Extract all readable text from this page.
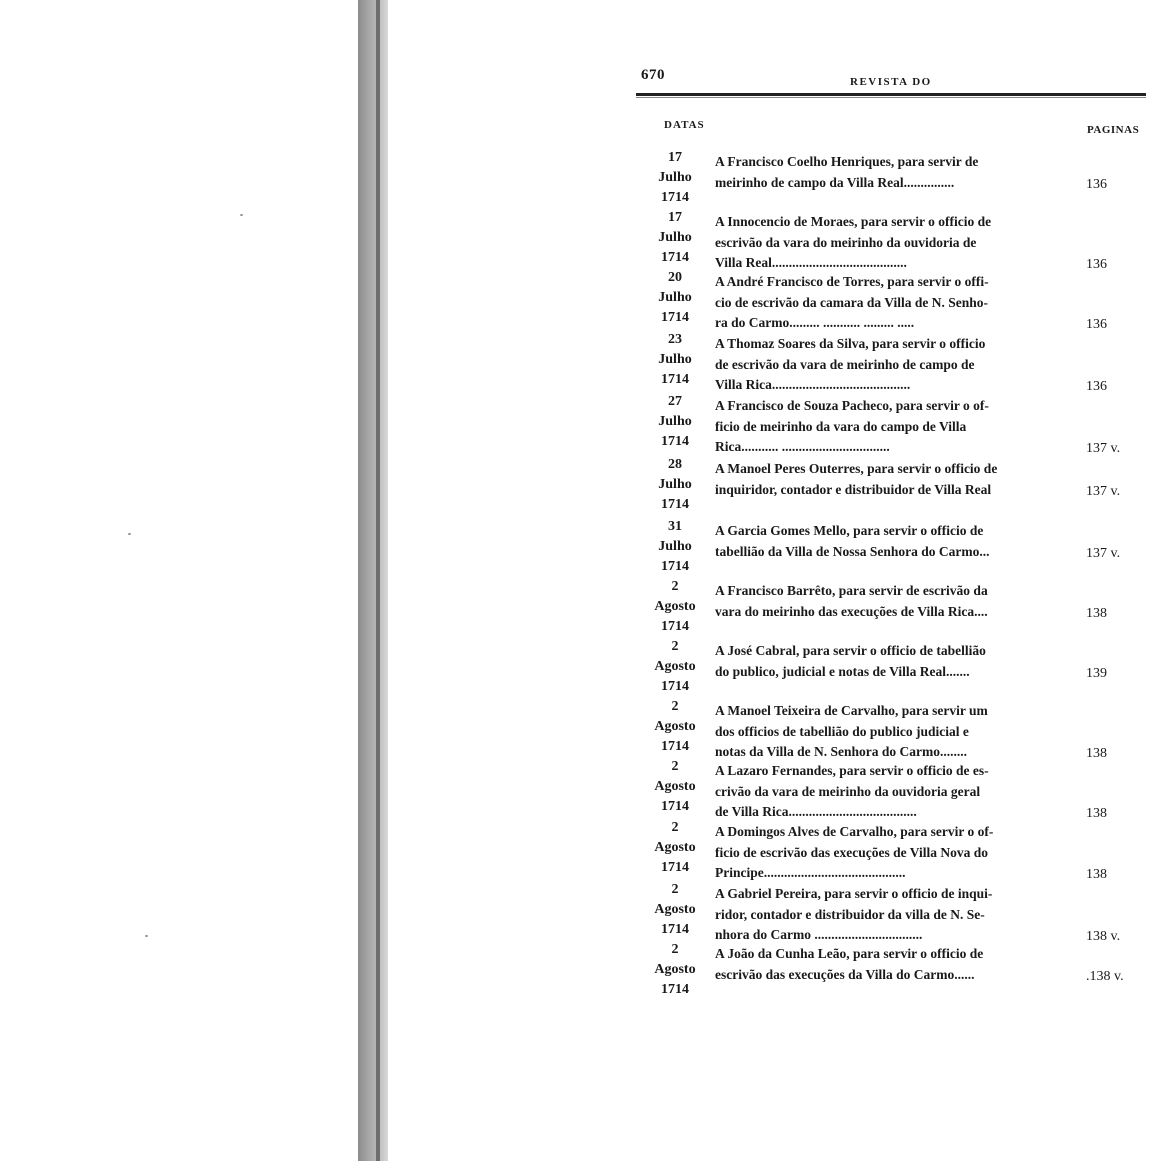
670	REVISTA DO
DATAS	PAGINAS
17
Julho
1714
A Francisco Coelho Henriques, para servir de
meirinho de campo da Villa Real...............	136
17
Julho
1714
A Innocencio de Moraes, para servir o officio de
escrivão da vara do meirinho da ouvidoria de
Villa Real........................................	136
20
Julho
1714
A André Francisco de Torres, para servir o offi-
cio de escrivão da camara da Villa de N. Senho-
ra do Carmo......... ........... ......... .....	136
23
Julho
1714
A Thomaz Soares da Silva, para servir o officio
de escrivão da vara de meirinho de campo de
Villa Rica.........................................	136
27
Julho
1714
A Francisco de Souza Pacheco, para servir o of-
ficio de meirinho da vara do campo de Villa
Rica........... ................................	137 v.
28
Julho
1714
A Manoel Peres Outerres, para servir o officio de
inquiridor, contador e distribuidor de Villa Real	137 v.
31
Julho
1714
A Garcia Gomes Mello, para servir o officio de
tabellião da Villa de Nossa Senhora do Carmo...	137 v.
2
Agosto
1714
A Francisco Barrêto, para servir de escrivão da
vara do meirinho das execuções de Villa Rica....	138
2
Agosto
1714
A José Cabral, para servir o officio de tabellião
do publico, judicial e notas de Villa Real.......	139
2
Agosto
1714
A Manoel Teixeira de Carvalho, para servir um
dos officios de tabellião do publico judicial e
notas da Villa de N. Senhora do Carmo........	138
2
Agosto
1714
A Lazaro Fernandes, para servir o officio de es-
crivão da vara de meirinho da ouvidoria geral
de Villa Rica......................................	138
2
Agosto
1714
A Domingos Alves de Carvalho, para servir o of-
ficio de escrivão das execuções de Villa Nova do
Principe..........................................	138
2
Agosto
1714
A Gabriel Pereira, para servir o officio de inqui-
ridor, contador e distribuidor da villa de N. Se-
nhora do Carmo ................................	138 v.
2
Agosto
1714
A João da Cunha Leão, para servir o officio de
escrivão das execuções da Villa do Carmo......	.138 v.
